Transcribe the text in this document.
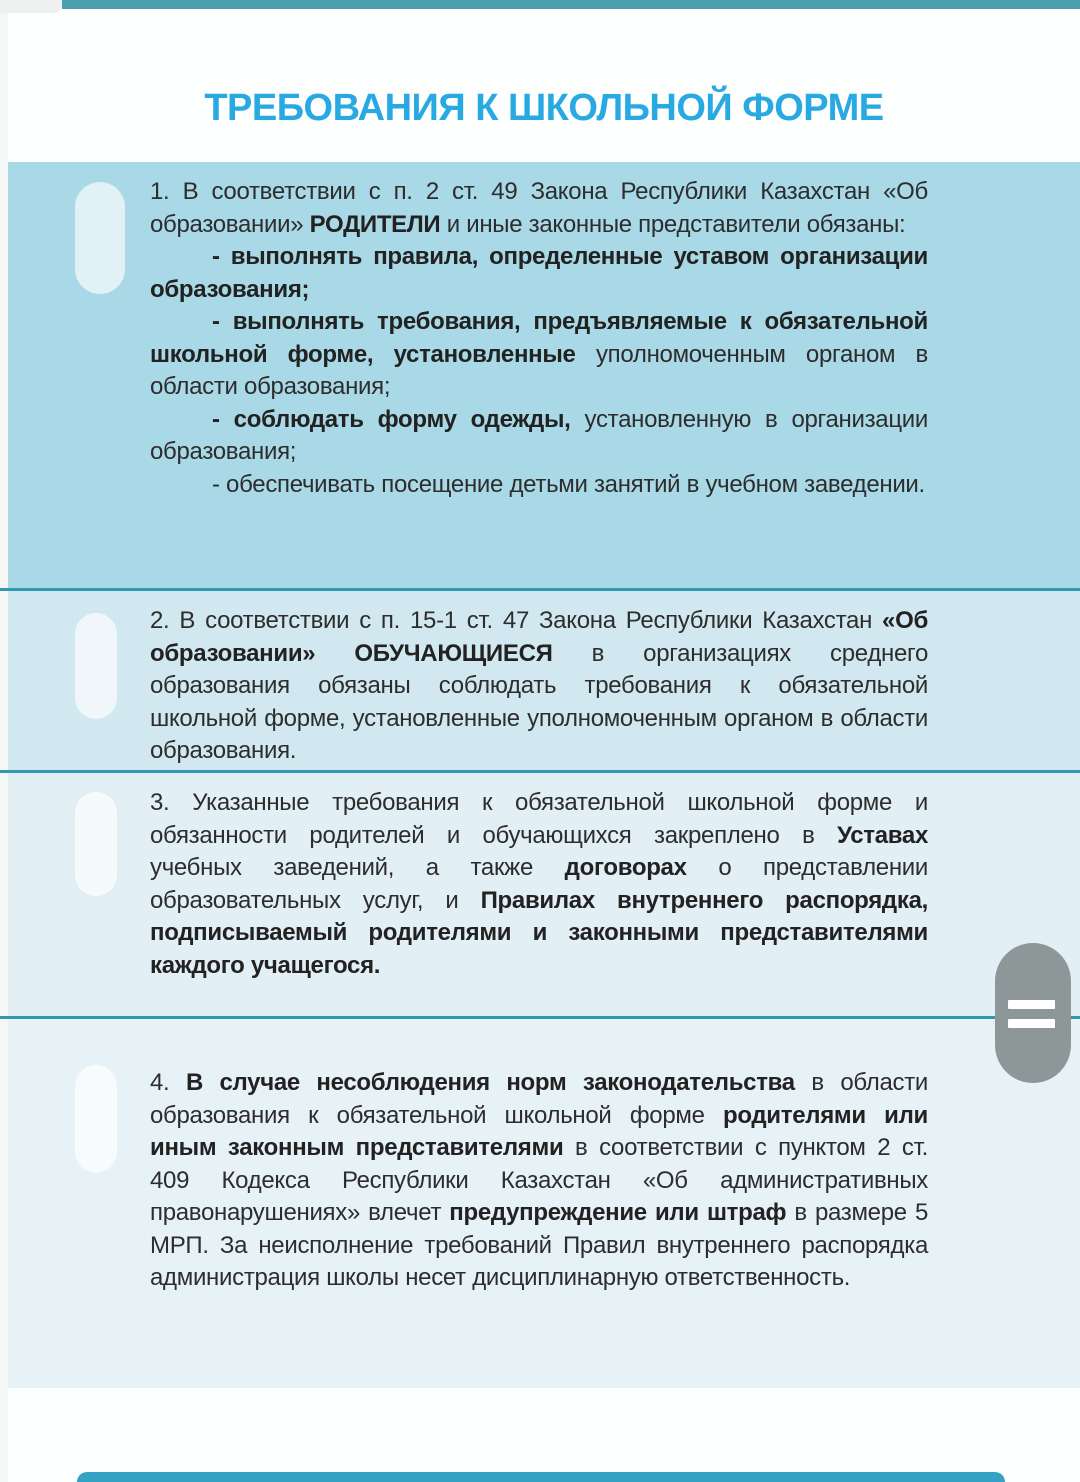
ТРЕБОВАНИЯ К ШКОЛЬНОЙ ФОРМЕ

1. В соответствии с п. 2 ст. 49 Закона Республики Казахстан «Об образовании» РОДИТЕЛИ и иные законные представители обязаны:

- выполнять правила, определенные уставом организации образования;

- выполнять требования, предъявляемые к обязательной школьной форме, установленные уполномоченным органом в области образования;

- соблюдать форму одежды, установленную в организации образования;

- обеспечивать посещение детьми занятий в учебном заведении.

2. В соответствии с п. 15-1 ст. 47 Закона Республики Казахстан «Об образовании» ОБУЧАЮЩИЕСЯ в организациях среднего образования обязаны соблюдать требования к обязательной школьной форме, установленные уполномоченным органом в области образования.

3. Указанные требования к обязательной школьной форме и обязанности родителей и обучающихся закреплено в Уставах учебных заведений, а также договорах о представлении образовательных услуг, и Правилах внутреннего распорядка, подписываемый родителями и законными представителями каждого учащегося.

4. В случае несоблюдения норм законодательства в области образования к обязательной школьной форме родителями или иным законным представителями в соответствии с пунктом 2 ст. 409 Кодекса Республики Казахстан «Об административных правонарушениях» влечет предупреждение или штраф в размере 5 МРП. За неисполнение требований Правил внутреннего распорядка администрация школы несет дисциплинарную ответственность.
